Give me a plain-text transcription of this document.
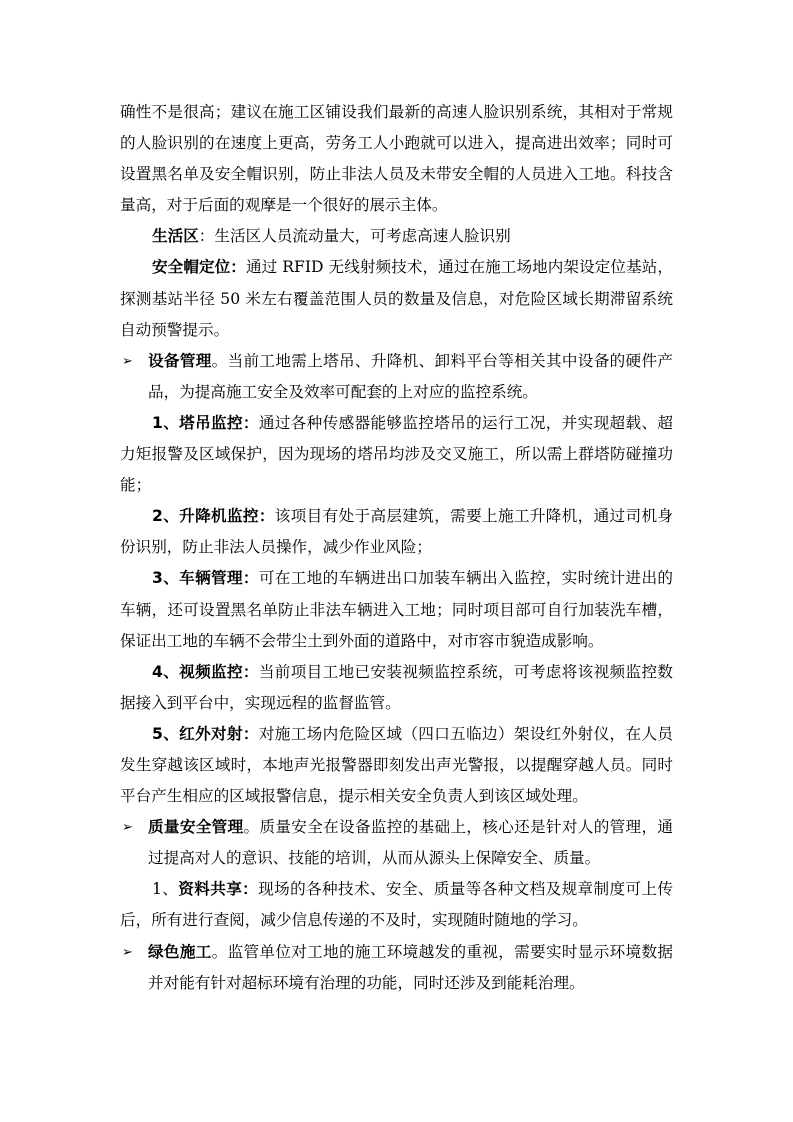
确性不是很高；建议在施工区铺设我们最新的高速人脸识别系统，其相对于常规
的人脸识别的在速度上更高，劳务工人小跑就可以进入，提高进出效率；同时可
设置黑名单及安全帽识别，防止非法人员及未带安全帽的人员进入工地。科技含
量高，对于后面的观摩是一个很好的展示主体。
生活区：生活区人员流动量大，可考虑高速人脸识别
安全帽定位：通过 RFID 无线射频技术，通过在施工场地内架设定位基站，
探测基站半径 50 米左右覆盖范围人员的数量及信息，对危险区域长期滞留系统
自动预警提示。
➢ 设备管理。当前工地需上塔吊、升降机、卸料平台等相关其中设备的硬件产
品，为提高施工安全及效率可配套的上对应的监控系统。
1、塔吊监控：通过各种传感器能够监控塔吊的运行工况，并实现超载、超
力矩报警及区域保护，因为现场的塔吊均涉及交叉施工，所以需上群塔防碰撞功
能；
2、升降机监控：该项目有处于高层建筑，需要上施工升降机，通过司机身
份识别，防止非法人员操作，减少作业风险；
3、车辆管理：可在工地的车辆进出口加装车辆出入监控，实时统计进出的
车辆，还可设置黑名单防止非法车辆进入工地；同时项目部可自行加装洗车槽，
保证出工地的车辆不会带尘土到外面的道路中，对市容市貌造成影响。
4、视频监控：当前项目工地已安装视频监控系统，可考虑将该视频监控数
据接入到平台中，实现远程的监督监管。
5、红外对射：对施工场内危险区域（四口五临边）架设红外射仪，在人员
发生穿越该区域时，本地声光报警器即刻发出声光警报，以提醒穿越人员。同时
平台产生相应的区域报警信息，提示相关安全负责人到该区域处理。
➢ 质量安全管理。质量安全在设备监控的基础上，核心还是针对人的管理，通
过提高对人的意识、技能的培训，从而从源头上保障安全、质量。
1、资料共享：现场的各种技术、安全、质量等各种文档及规章制度可上传
后，所有进行查阅，减少信息传递的不及时，实现随时随地的学习。
➢ 绿色施工。监管单位对工地的施工环境越发的重视，需要实时显示环境数据
并对能有针对超标环境有治理的功能，同时还涉及到能耗治理。
